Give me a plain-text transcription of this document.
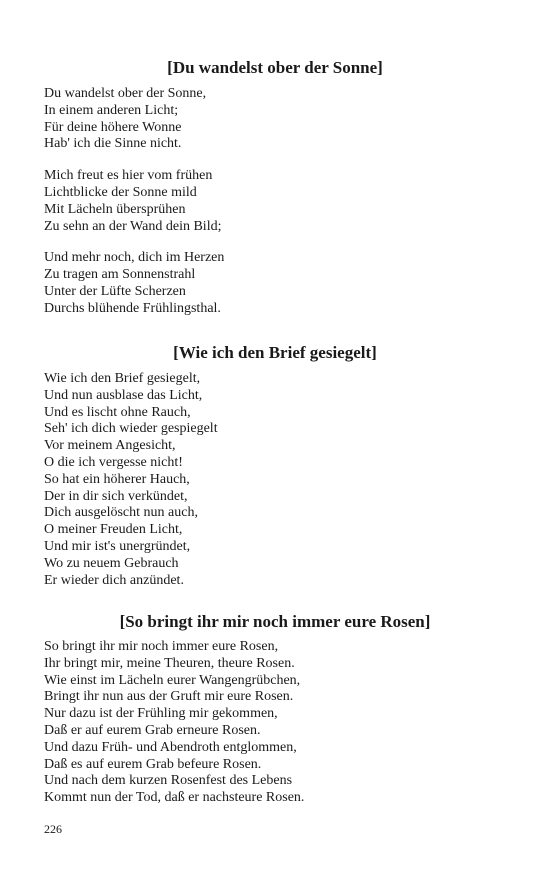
[Du wandelst ober der Sonne]
Du wandelst ober der Sonne,
In einem anderen Licht;
Für deine höhere Wonne
Hab' ich die Sinne nicht.
Mich freut es hier vom frühen
Lichtblicke der Sonne mild
Mit Lächeln übersprühen
Zu sehn an der Wand dein Bild;
Und mehr noch, dich im Herzen
Zu tragen am Sonnenstrahl
Unter der Lüfte Scherzen
Durchs blühende Frühlingsthal.
[Wie ich den Brief gesiegelt]
Wie ich den Brief gesiegelt,
Und nun ausblase das Licht,
Und es lischt ohne Rauch,
Seh' ich dich wieder gespiegelt
Vor meinem Angesicht,
O die ich vergesse nicht!
So hat ein höherer Hauch,
Der in dir sich verkündet,
Dich ausgelöscht nun auch,
O meiner Freuden Licht,
Und mir ist's unergründet,
Wo zu neuem Gebrauch
Er wieder dich anzündet.
[So bringt ihr mir noch immer eure Rosen]
So bringt ihr mir noch immer eure Rosen,
Ihr bringt mir, meine Theuren, theure Rosen.
Wie einst im Lächeln eurer Wangengrübchen,
Bringt ihr nun aus der Gruft mir eure Rosen.
Nur dazu ist der Frühling mir gekommen,
Daß er auf eurem Grab erneure Rosen.
Und dazu Früh- und Abendroth entglommen,
Daß es auf eurem Grab befeure Rosen.
Und nach dem kurzen Rosenfest des Lebens
Kommt nun der Tod, daß er nachsteure Rosen.
226
